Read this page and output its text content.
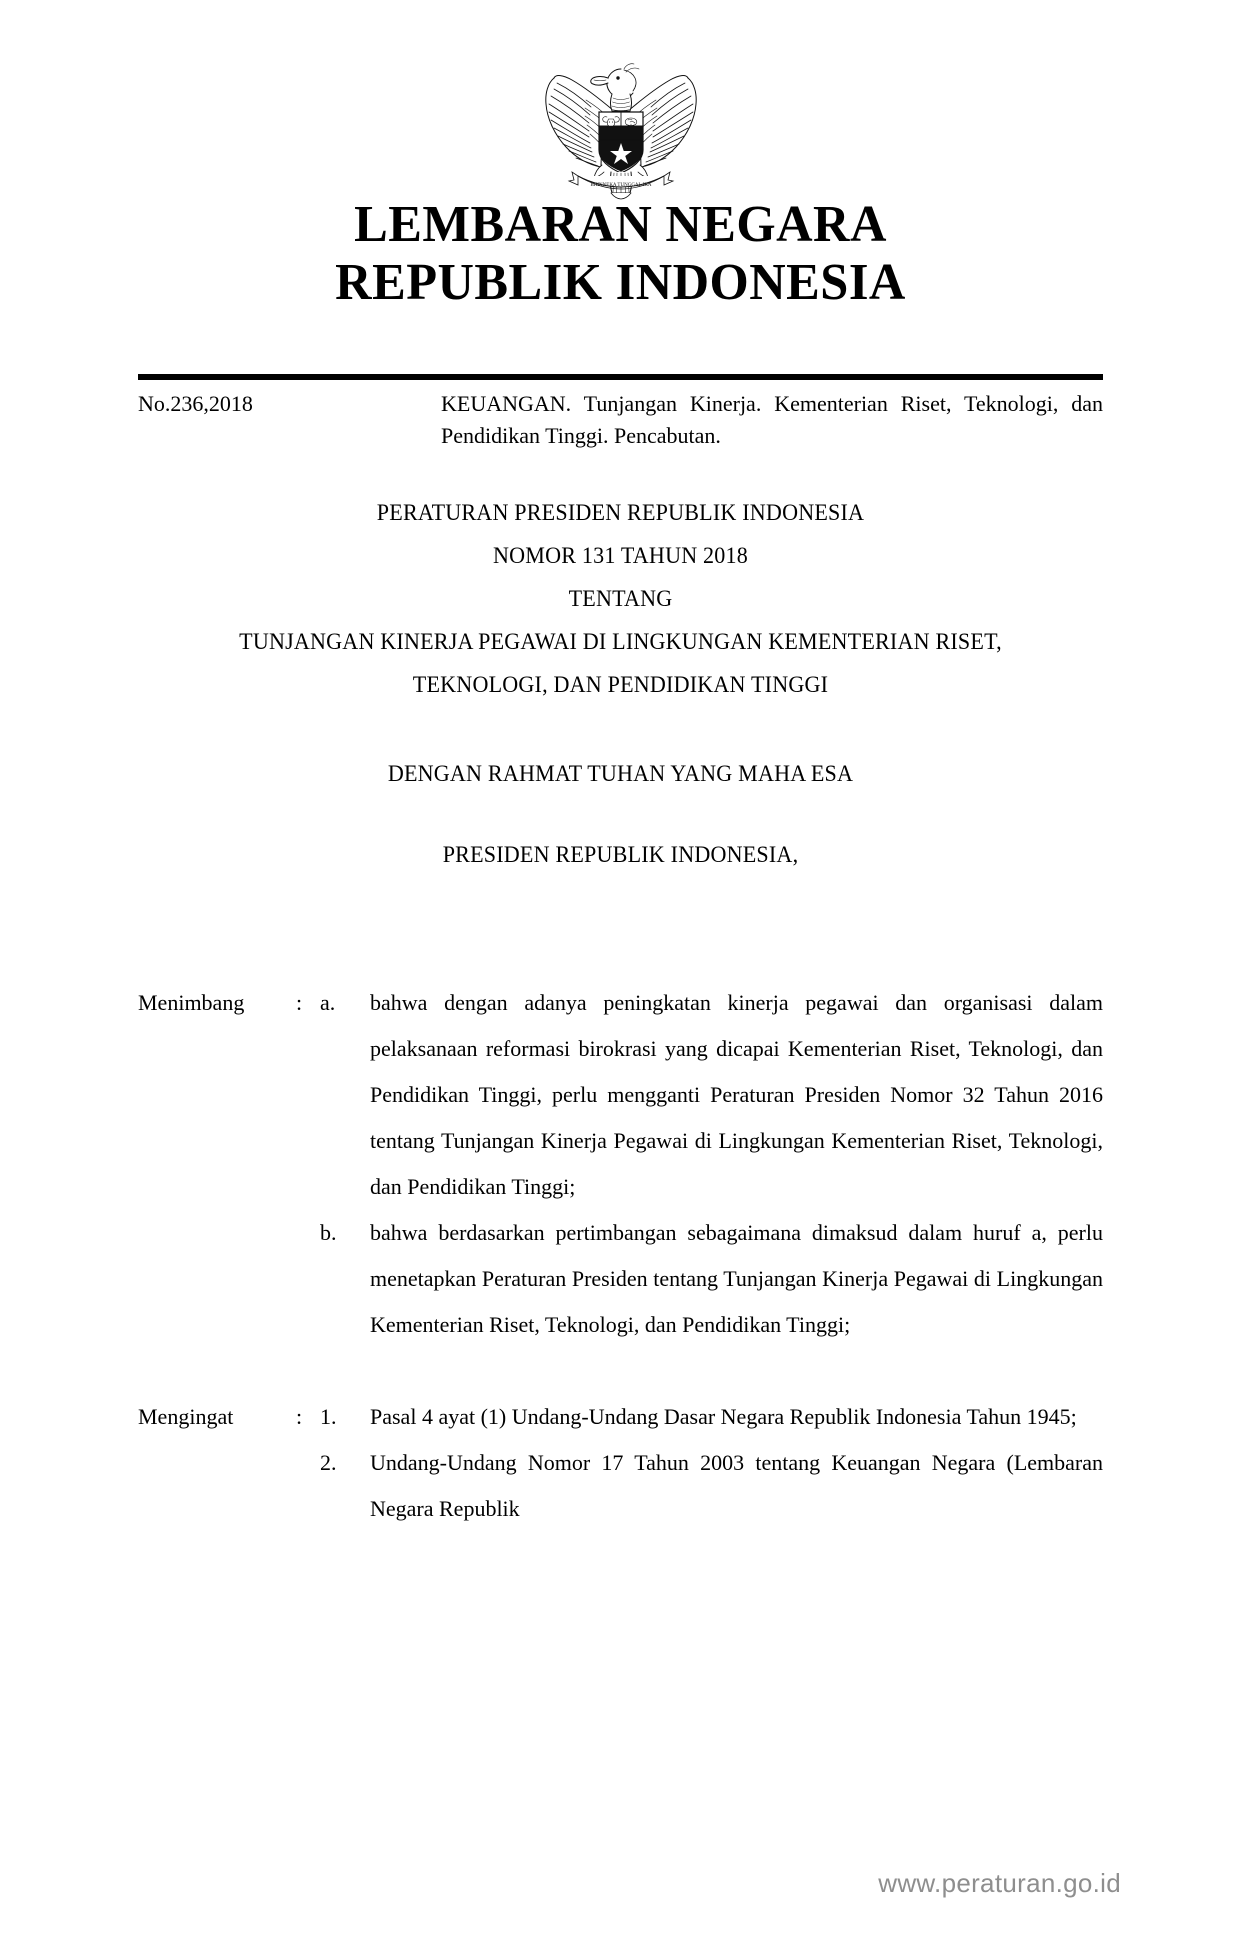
BHINNEKA TUNGGAL IKA
LEMBARAN NEGARA
REPUBLIK INDONESIA
No.236,2018	KEUANGAN. Tunjangan Kinerja. Kementerian Riset, Teknologi, dan Pendidikan Tinggi. Pencabutan.
PERATURAN PRESIDEN REPUBLIK INDONESIA
NOMOR 131 TAHUN 2018
TENTANG
TUNJANGAN KINERJA PEGAWAI DI LINGKUNGAN KEMENTERIAN RISET,
TEKNOLOGI, DAN PENDIDIKAN TINGGI
DENGAN RAHMAT TUHAN YANG MAHA ESA
PRESIDEN REPUBLIK INDONESIA,
Menimbang	: a.	bahwa dengan adanya peningkatan kinerja pegawai dan organisasi dalam pelaksanaan reformasi birokrasi yang dicapai Kementerian Riset, Teknologi, dan Pendidikan Tinggi, perlu mengganti Peraturan Presiden Nomor 32 Tahun 2016 tentang Tunjangan Kinerja Pegawai di Lingkungan Kementerian Riset, Teknologi, dan Pendidikan Tinggi;
b.	bahwa berdasarkan pertimbangan sebagaimana dimaksud dalam huruf a, perlu menetapkan Peraturan Presiden tentang Tunjangan Kinerja Pegawai di Lingkungan Kementerian Riset, Teknologi, dan Pendidikan Tinggi;
Mengingat	: 1.	Pasal 4 ayat (1) Undang-Undang Dasar Negara Republik Indonesia Tahun 1945;
2.	Undang-Undang Nomor 17 Tahun 2003 tentang Keuangan Negara (Lembaran Negara Republik
www.peraturan.go.id
